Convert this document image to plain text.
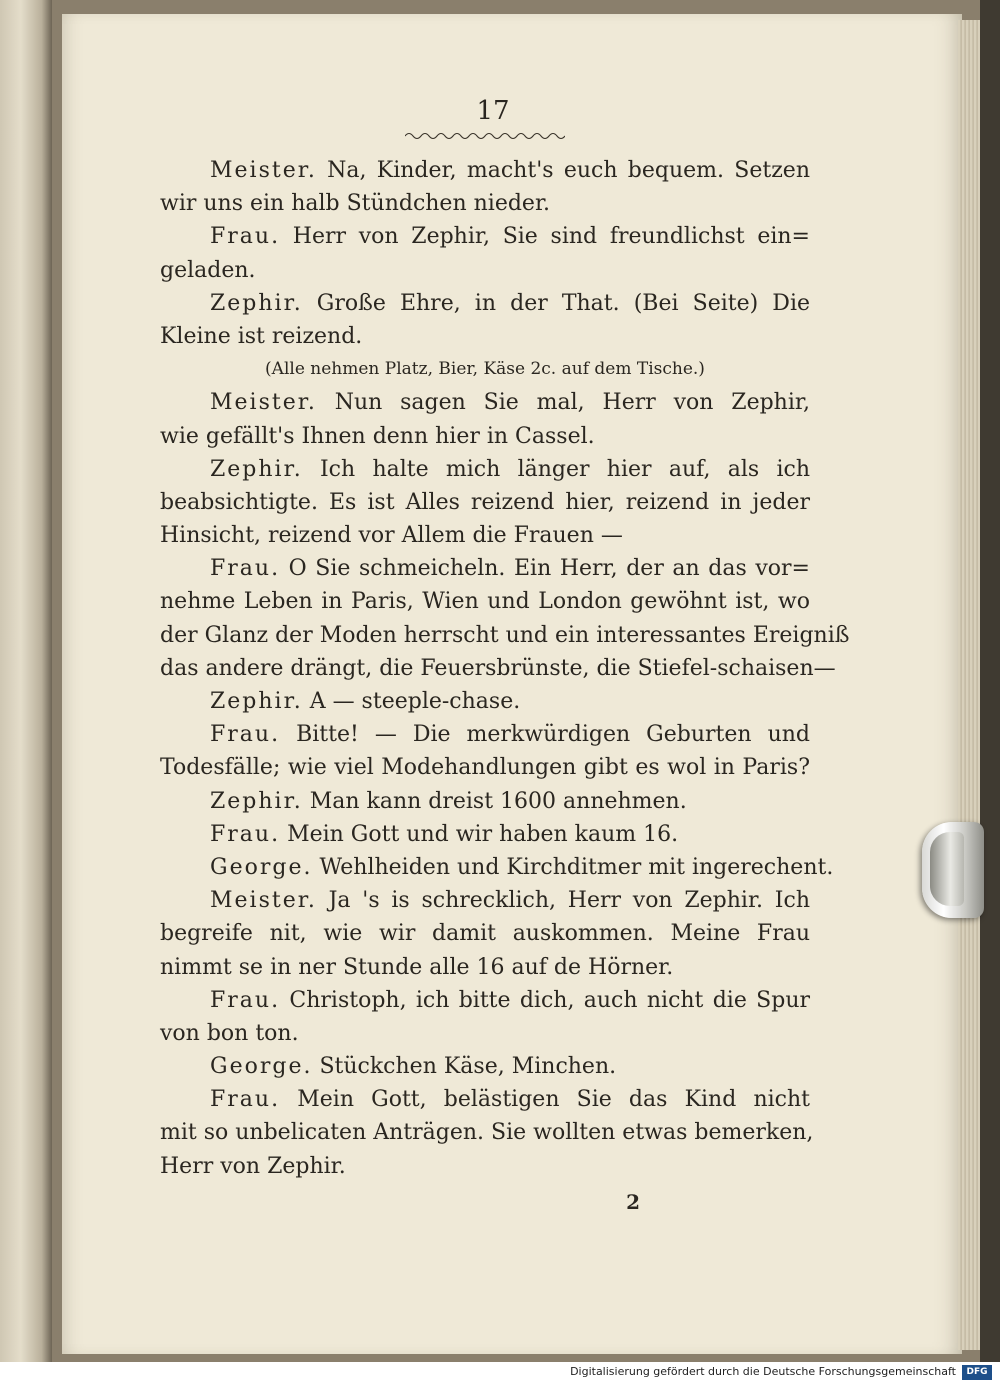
17
Meister. Na, Kinder, macht's euch bequem. Setzen
wir uns ein halb Stündchen nieder.
Frau. Herr von Zephir, Sie sind freundlichst ein=
geladen.
Zephir. Große Ehre, in der That. (Bei Seite) Die
Kleine ist reizend.
(Alle nehmen Platz, Bier, Käse 2c. auf dem Tische.)
Meister. Nun sagen Sie mal, Herr von Zephir,
wie gefällt's Ihnen denn hier in Cassel.
Zephir. Ich halte mich länger hier auf, als ich
beabsichtigte. Es ist Alles reizend hier, reizend in jeder
Hinsicht, reizend vor Allem die Frauen —
Frau. O Sie schmeicheln. Ein Herr, der an das vor=
nehme Leben in Paris, Wien und London gewöhnt ist, wo
der Glanz der Moden herrscht und ein interessantes Ereigniß
das andere drängt, die Feuersbrünste, die Stiefel-schaisen—
Zephir. A — steeple-chase.
Frau. Bitte! — Die merkwürdigen Geburten und
Todesfälle; wie viel Modehandlungen gibt es wol in Paris?
Zephir. Man kann dreist 1600 annehmen.
Frau. Mein Gott und wir haben kaum 16.
George. Wehlheiden und Kirchditmer mit ingerechent.
Meister. Ja 's is schrecklich, Herr von Zephir. Ich
begreife nit, wie wir damit auskommen. Meine Frau
nimmt se in ner Stunde alle 16 auf de Hörner.
Frau. Christoph, ich bitte dich, auch nicht die Spur
von bon ton.
George. Stückchen Käse, Minchen.
Frau. Mein Gott, belästigen Sie das Kind nicht
mit so unbelicaten Anträgen. Sie wollten etwas bemerken,
Herr von Zephir.
2
Digitalisierung gefördert durch die Deutsche Forschungsgemeinschaft	DFG
